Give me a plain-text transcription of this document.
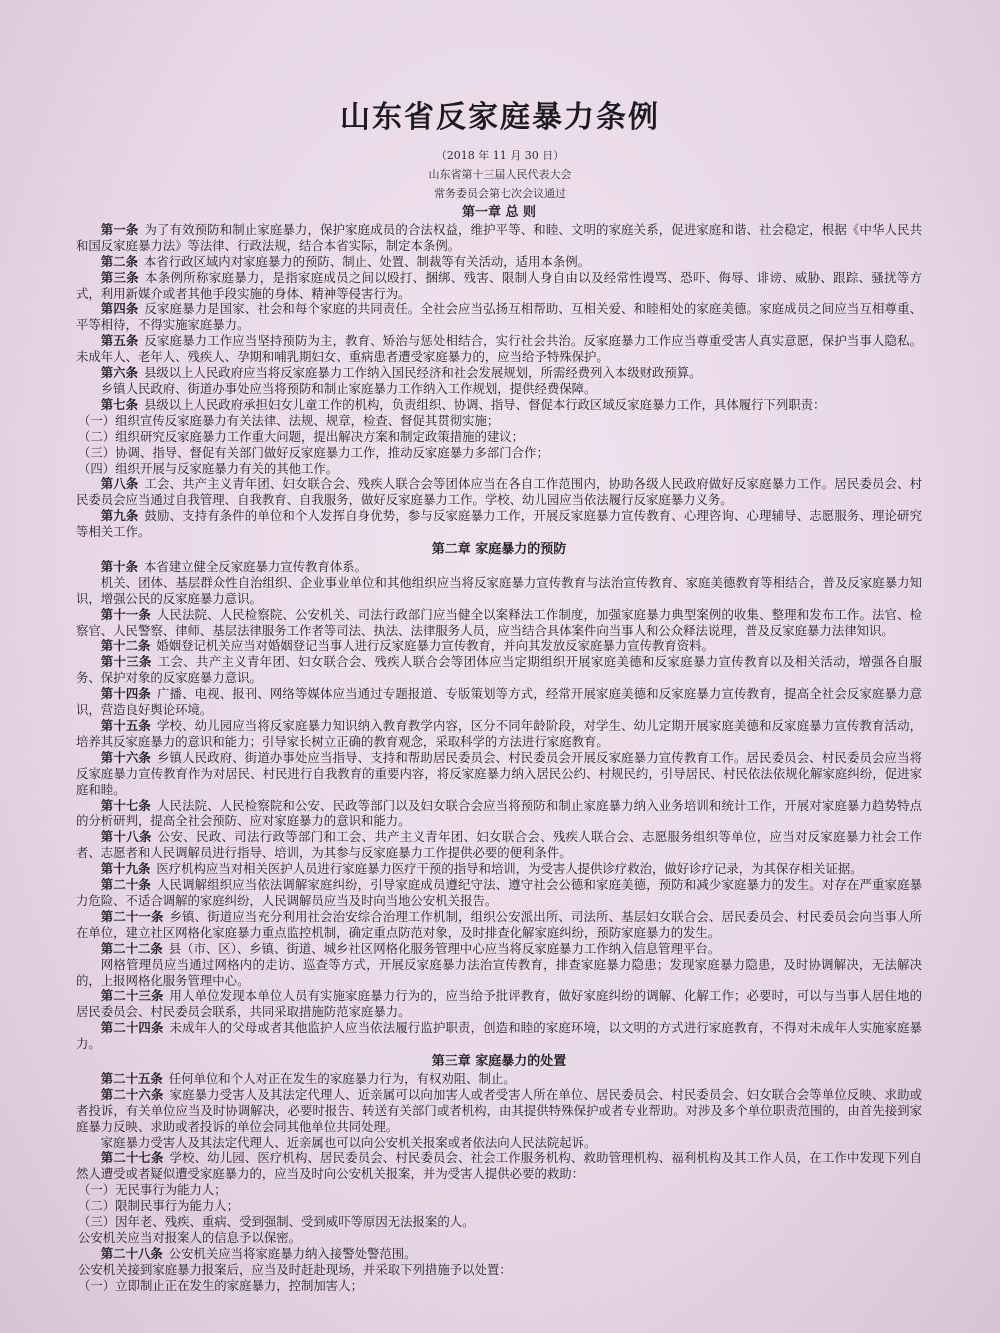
山东省反家庭暴力条例
（2018 年 11 月 30 日）
山东省第十三届人民代表大会
常务委员会第七次会议通过
第一章 总 则

第一条 为了有效预防和制止家庭暴力，保护家庭成员的合法权益，维护平等、和睦、文明的家庭关系，促进家庭和谐、社会稳定，根据《中华人民共和国反家庭暴力法》等法律、行政法规，结合本省实际，制定本条例。

第二条 本省行政区域内对家庭暴力的预防、制止、处置、制裁等有关活动，适用本条例。

第三条 本条例所称家庭暴力，是指家庭成员之间以殴打、捆绑、残害、限制人身自由以及经常性谩骂、恐吓、侮辱、诽谤、威胁、跟踪、骚扰等方式，利用新媒介或者其他手段实施的身体、精神等侵害行为。

第四条 反家庭暴力是国家、社会和每个家庭的共同责任。全社会应当弘扬互相帮助、互相关爱、和睦相处的家庭美德。家庭成员之间应当互相尊重、平等相待，不得实施家庭暴力。

第五条 反家庭暴力工作应当坚持预防为主，教育、矫治与惩处相结合，实行社会共治。反家庭暴力工作应当尊重受害人真实意愿，保护当事人隐私。未成年人、老年人、残疾人、孕期和哺乳期妇女、重病患者遭受家庭暴力的，应当给予特殊保护。

第六条 县级以上人民政府应当将反家庭暴力工作纳入国民经济和社会发展规划，所需经费列入本级财政预算。

乡镇人民政府、街道办事处应当将预防和制止家庭暴力工作纳入工作规划，提供经费保障。

第七条 县级以上人民政府承担妇女儿童工作的机构，负责组织、协调、指导、督促本行政区域反家庭暴力工作，具体履行下列职责：

（一）组织宣传反家庭暴力有关法律、法规、规章，检查、督促其贯彻实施；

（二）组织研究反家庭暴力工作重大问题，提出解决方案和制定政策措施的建议；

（三）协调、指导、督促有关部门做好反家庭暴力工作，推动反家庭暴力多部门合作；

（四）组织开展与反家庭暴力有关的其他工作。

第八条 工会、共产主义青年团、妇女联合会、残疾人联合会等团体应当在各自工作范围内，协助各级人民政府做好反家庭暴力工作。居民委员会、村民委员会应当通过自我管理、自我教育、自我服务，做好反家庭暴力工作。学校、幼儿园应当依法履行反家庭暴力义务。

第九条 鼓励、支持有条件的单位和个人发挥自身优势，参与反家庭暴力工作，开展反家庭暴力宣传教育、心理咨询、心理辅导、志愿服务、理论研究等相关工作。

第二章 家庭暴力的预防

第十条 本省建立健全反家庭暴力宣传教育体系。

机关、团体、基层群众性自治组织、企业事业单位和其他组织应当将反家庭暴力宣传教育与法治宣传教育、家庭美德教育等相结合，普及反家庭暴力知识，增强公民的反家庭暴力意识。

第十一条 人民法院、人民检察院、公安机关、司法行政部门应当健全以案释法工作制度，加强家庭暴力典型案例的收集、整理和发布工作。法官、检察官、人民警察、律师、基层法律服务工作者等司法、执法、法律服务人员，应当结合具体案件向当事人和公众释法说理，普及反家庭暴力法律知识。

第十二条 婚姻登记机关应当对婚姻登记当事人进行反家庭暴力宣传教育，并向其发放反家庭暴力宣传教育资料。

第十三条 工会、共产主义青年团、妇女联合会、残疾人联合会等团体应当定期组织开展家庭美德和反家庭暴力宣传教育以及相关活动，增强各自服务、保护对象的反家庭暴力意识。

第十四条 广播、电视、报刊、网络等媒体应当通过专题报道、专版策划等方式，经常开展家庭美德和反家庭暴力宣传教育，提高全社会反家庭暴力意识，营造良好舆论环境。

第十五条 学校、幼儿园应当将反家庭暴力知识纳入教育教学内容，区分不同年龄阶段，对学生、幼儿定期开展家庭美德和反家庭暴力宣传教育活动，培养其反家庭暴力的意识和能力；引导家长树立正确的教育观念，采取科学的方法进行家庭教育。

第十六条 乡镇人民政府、街道办事处应当指导、支持和帮助居民委员会、村民委员会开展反家庭暴力宣传教育工作。居民委员会、村民委员会应当将反家庭暴力宣传教育作为对居民、村民进行自我教育的重要内容，将反家庭暴力纳入居民公约、村规民约，引导居民、村民依法依规化解家庭纠纷，促进家庭和睦。

第十七条 人民法院、人民检察院和公安、民政等部门以及妇女联合会应当将预防和制止家庭暴力纳入业务培训和统计工作，开展对家庭暴力趋势特点的分析研判，提高全社会预防、应对家庭暴力的意识和能力。

第十八条 公安、民政、司法行政等部门和工会、共产主义青年团、妇女联合会、残疾人联合会、志愿服务组织等单位，应当对反家庭暴力社会工作者、志愿者和人民调解员进行指导、培训，为其参与反家庭暴力工作提供必要的便利条件。

第十九条 医疗机构应当对相关医护人员进行家庭暴力医疗干预的指导和培训，为受害人提供诊疗救治，做好诊疗记录，为其保存相关证据。

第二十条 人民调解组织应当依法调解家庭纠纷，引导家庭成员遵纪守法、遵守社会公德和家庭美德，预防和减少家庭暴力的发生。对存在严重家庭暴力危险、不适合调解的家庭纠纷，人民调解员应当及时向当地公安机关报告。

第二十一条 乡镇、街道应当充分利用社会治安综合治理工作机制，组织公安派出所、司法所、基层妇女联合会、居民委员会、村民委员会向当事人所在单位，建立社区网格化家庭暴力重点监控机制，确定重点防范对象，及时排查化解家庭纠纷，预防家庭暴力的发生。

第二十二条 县（市、区）、乡镇、街道、城乡社区网格化服务管理中心应当将反家庭暴力工作纳入信息管理平台。

网格管理员应当通过网格内的走访、巡查等方式，开展反家庭暴力法治宣传教育，排查家庭暴力隐患；发现家庭暴力隐患，及时协调解决，无法解决的，上报网格化服务管理中心。

第二十三条 用人单位发现本单位人员有实施家庭暴力行为的，应当给予批评教育，做好家庭纠纷的调解、化解工作；必要时，可以与当事人居住地的居民委员会、村民委员会联系，共同采取措施防范家庭暴力。

第二十四条 未成年人的父母或者其他监护人应当依法履行监护职责，创造和睦的家庭环境，以文明的方式进行家庭教育，不得对未成年人实施家庭暴力。

第三章 家庭暴力的处置

第二十五条 任何单位和个人对正在发生的家庭暴力行为，有权劝阻、制止。

第二十六条 家庭暴力受害人及其法定代理人、近亲属可以向加害人或者受害人所在单位、居民委员会、村民委员会、妇女联合会等单位反映、求助或者投诉，有关单位应当及时协调解决，必要时报告、转送有关部门或者机构，由其提供特殊保护或者专业帮助。对涉及多个单位职责范围的，由首先接到家庭暴力反映、求助或者投诉的单位会同其他单位共同处理。

家庭暴力受害人及其法定代理人、近亲属也可以向公安机关报案或者依法向人民法院起诉。

第二十七条 学校、幼儿园、医疗机构、居民委员会、村民委员会、社会工作服务机构、救助管理机构、福利机构及其工作人员，在工作中发现下列自然人遭受或者疑似遭受家庭暴力的，应当及时向公安机关报案，并为受害人提供必要的救助：

（一）无民事行为能力人；

（二）限制民事行为能力人；

（三）因年老、残疾、重病、受到强制、受到威吓等原因无法报案的人。

公安机关应当对报案人的信息予以保密。

第二十八条 公安机关应当将家庭暴力纳入接警处警范围。

公安机关接到家庭暴力报案后，应当及时赶赴现场，并采取下列措施予以处置：

（一）立即制止正在发生的家庭暴力，控制加害人；
